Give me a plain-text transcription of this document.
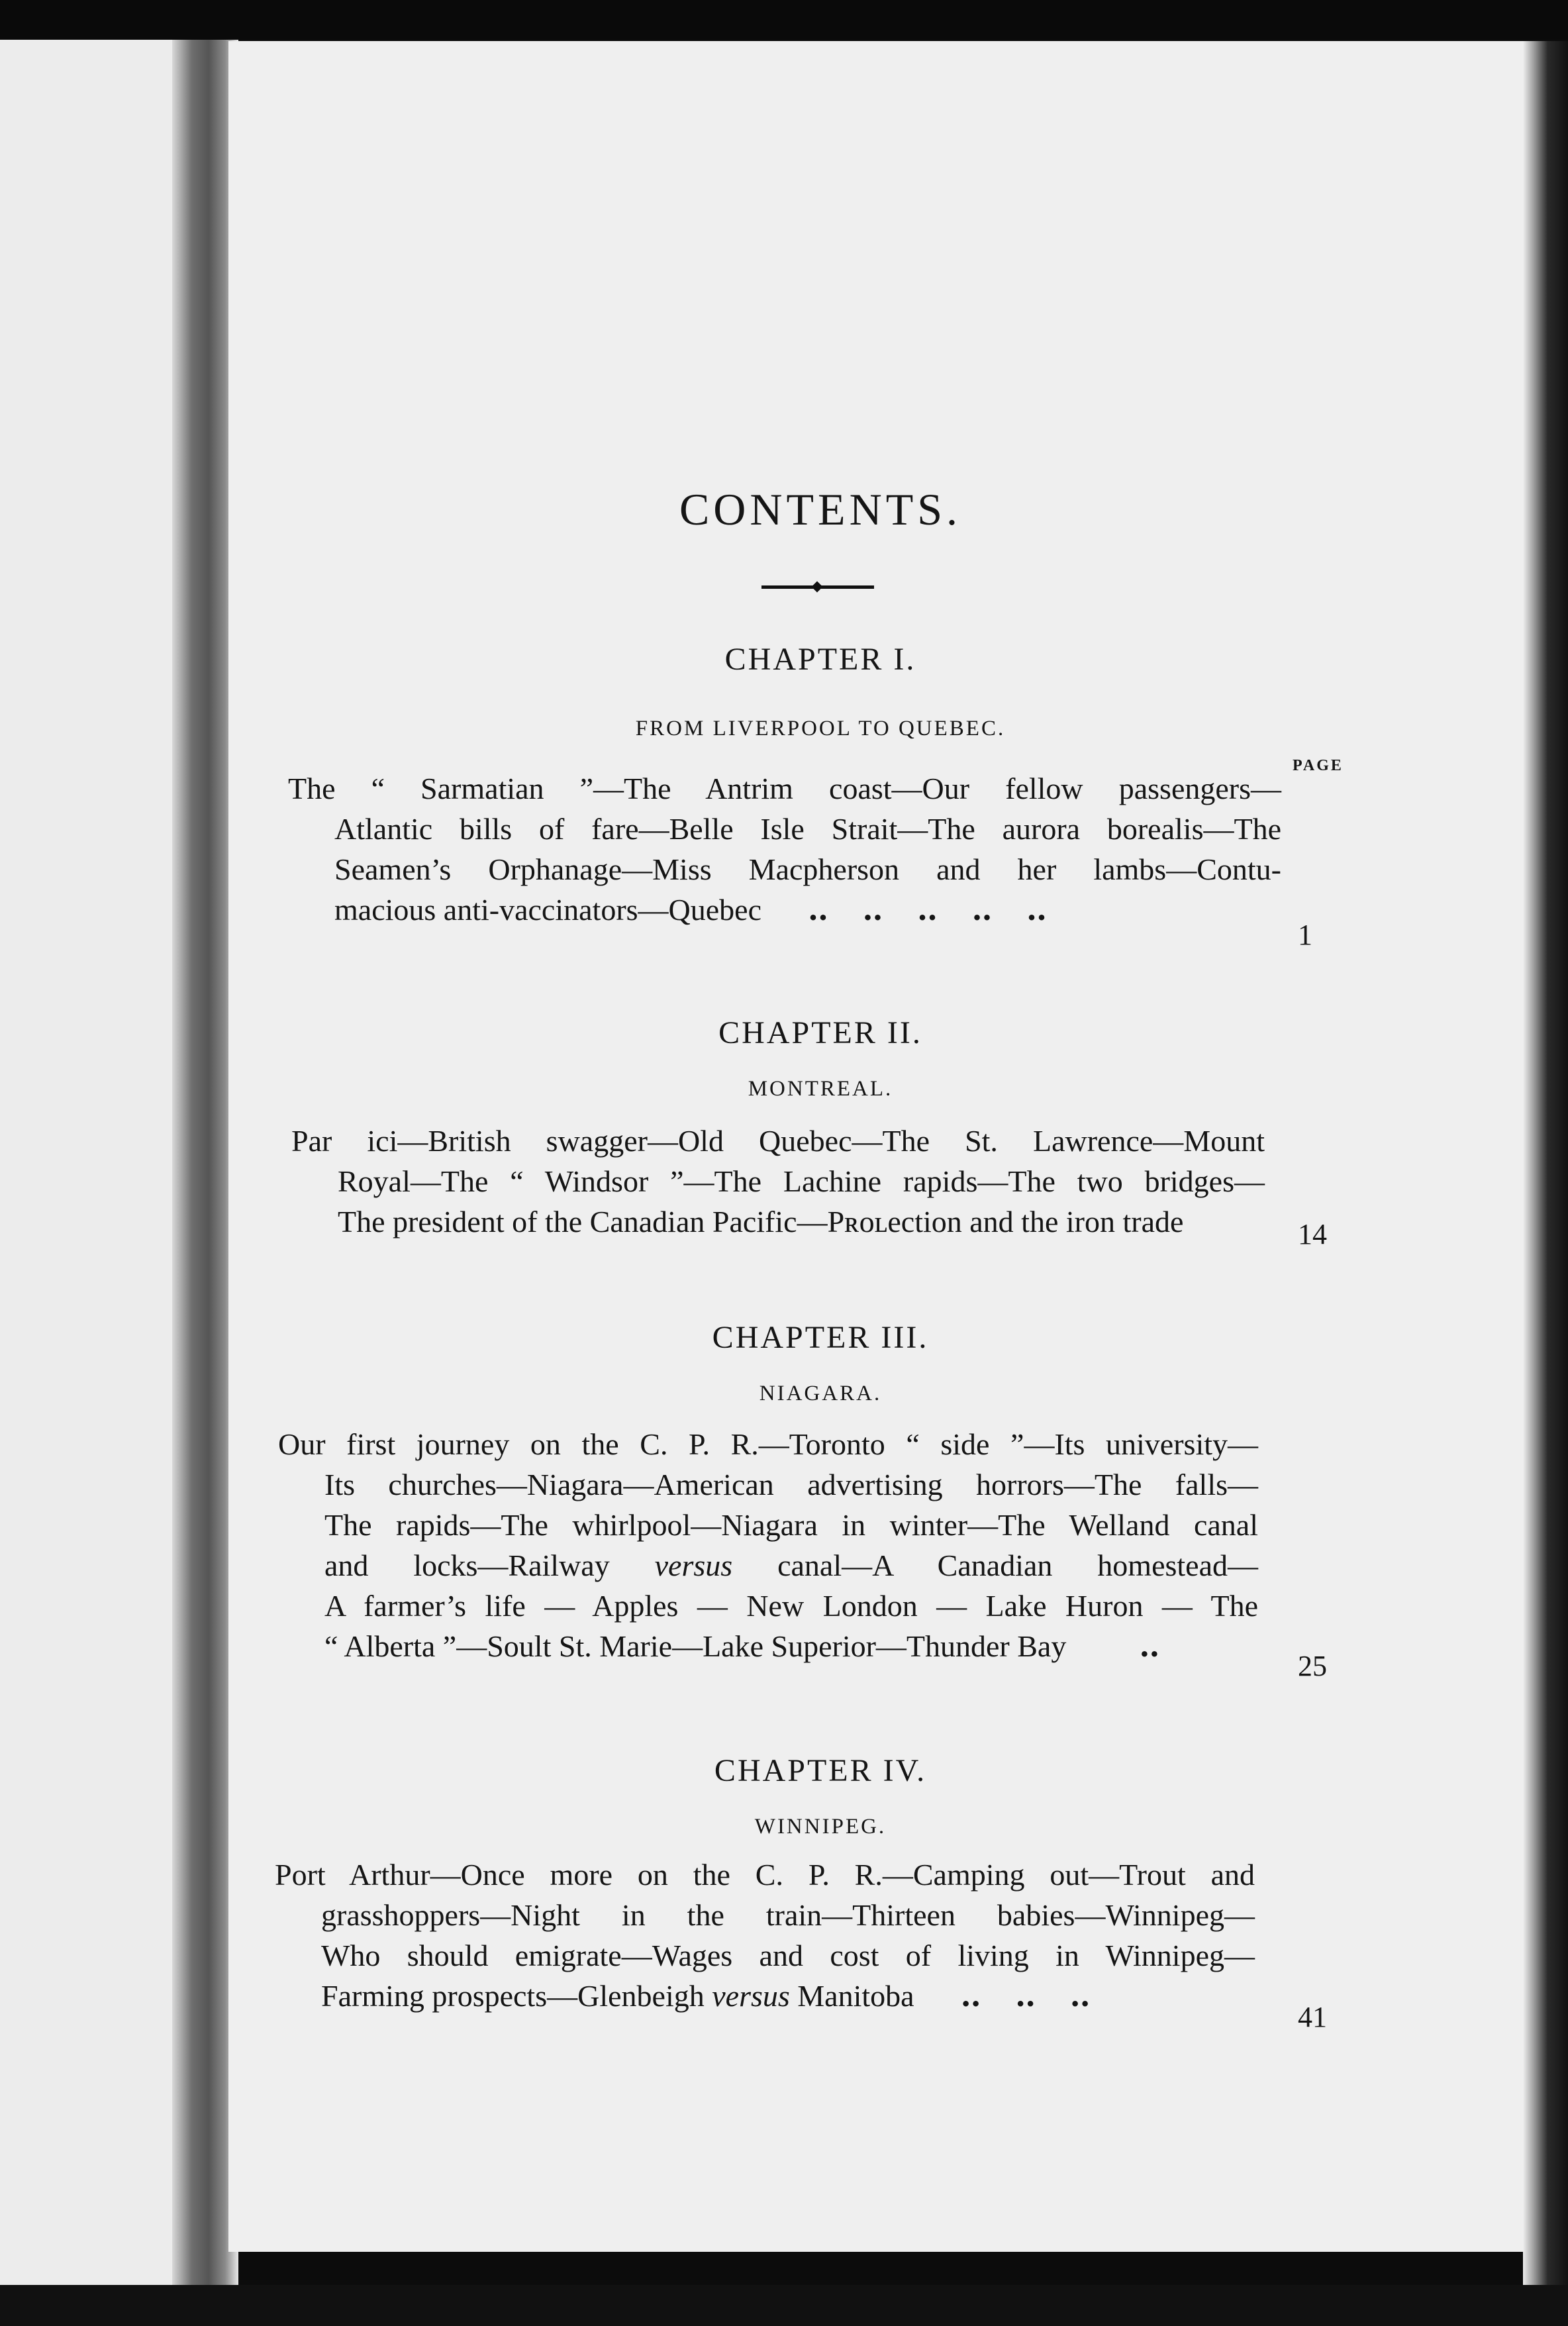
CONTENTS.
PAGE
CHAPTER I.
FROM LIVERPOOL TO QUEBEC.
The “ Sarmatian ”—The Antrim coast—Our fellow passengers—
Atlantic bills of fare—Belle Isle Strait—The aurora borealis—The
Seamen’s Orphanage—Miss Macpherson and her lambs—Contu-
macious anti-vaccinators—Quebec ‥ ‥ ‥ ‥ ‥
1
CHAPTER II.
MONTREAL.
Par ici—British swagger—Old Quebec—The St. Lawrence—Mount
Royal—The “ Windsor ”—The Lachine rapids—The two bridges—
The president of the Canadian Pacific—Pʀᴏʟection and the iron trade	14
CHAPTER III.
NIAGARA.
Our first journey on the C. P. R.—Toronto “ side ”—Its university—
Its churches—Niagara—American advertising horrors—The falls—
The rapids—The whirlpool—Niagara in winter—The Welland canal
and locks—Railway versus canal—A Canadian homestead—
A farmer’s life — Apples — New London — Lake Huron — The
“ Alberta ”—Soult St. Marie—Lake Superior—Thunder Bay ‥
25
CHAPTER IV.
WINNIPEG.
Port Arthur—Once more on the C. P. R.—Camping out—Trout and
grasshoppers—Night in the train—Thirteen babies—Winnipeg—
Who should emigrate—Wages and cost of living in Winnipeg—
Farming prospects—Glenbeigh versus Manitoba ‥ ‥ ‥
41
